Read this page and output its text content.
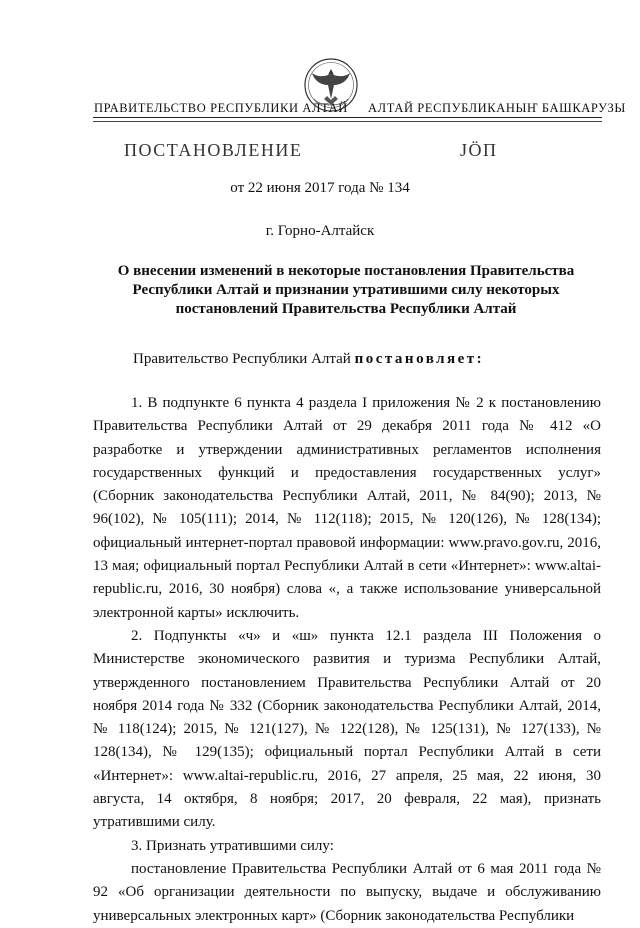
ПРАВИТЕЛЬСТВО РЕСПУБЛИКИ АЛТАЙ АЛТАЙ РЕСПУБЛИКАНЫҤ БАШКАРУЗЫ
ПОСТАНОВЛЕНИЕ	JÖП
от 22 июня 2017 года № 134
г. Горно-Алтайск
О внесении изменений в некоторые постановления Правительства Республики Алтай и признании утратившими силу некоторых постановлений Правительства Республики Алтай
Правительство Республики Алтай постановляет:

1. В подпункте 6 пункта 4 раздела I приложения № 2 к постановлению Правительства Республики Алтай от 29 декабря 2011 года № 412 «О разработке и утверждении административных регламентов исполнения государственных функций и предоставления государственных услуг» (Сборник законодательства Республики Алтай, 2011, № 84(90); 2013, № 96(102), № 105(111); 2014, № 112(118); 2015, № 120(126), № 128(134); официальный интернет-портал правовой информации: www.pravo.gov.ru, 2016, 13 мая; официальный портал Республики Алтай в сети «Интернет»: www.altai-republic.ru, 2016, 30 ноября) слова «, а также использование универсальной электронной карты» исключить.

2. Подпункты «ч» и «ш» пункта 12.1 раздела III Положения о Министерстве экономического развития и туризма Республики Алтай, утвержденного постановлением Правительства Республики Алтай от 20 ноября 2014 года № 332 (Сборник законодательства Республики Алтай, 2014, № 118(124); 2015, № 121(127), № 122(128), № 125(131), № 127(133), № 128(134), № 129(135); официальный портал Республики Алтай в сети «Интернет»: www.altai-republic.ru, 2016, 27 апреля, 25 мая, 22 июня, 30 августа, 14 октября, 8 ноября; 2017, 20 февраля, 22 мая), признать утратившими силу.

3. Признать утратившими силу:

постановление Правительства Республики Алтай от 6 мая 2011 года № 92 «Об организации деятельности по выпуску, выдаче и обслуживанию универсальных электронных карт» (Сборник законодательства Республики
